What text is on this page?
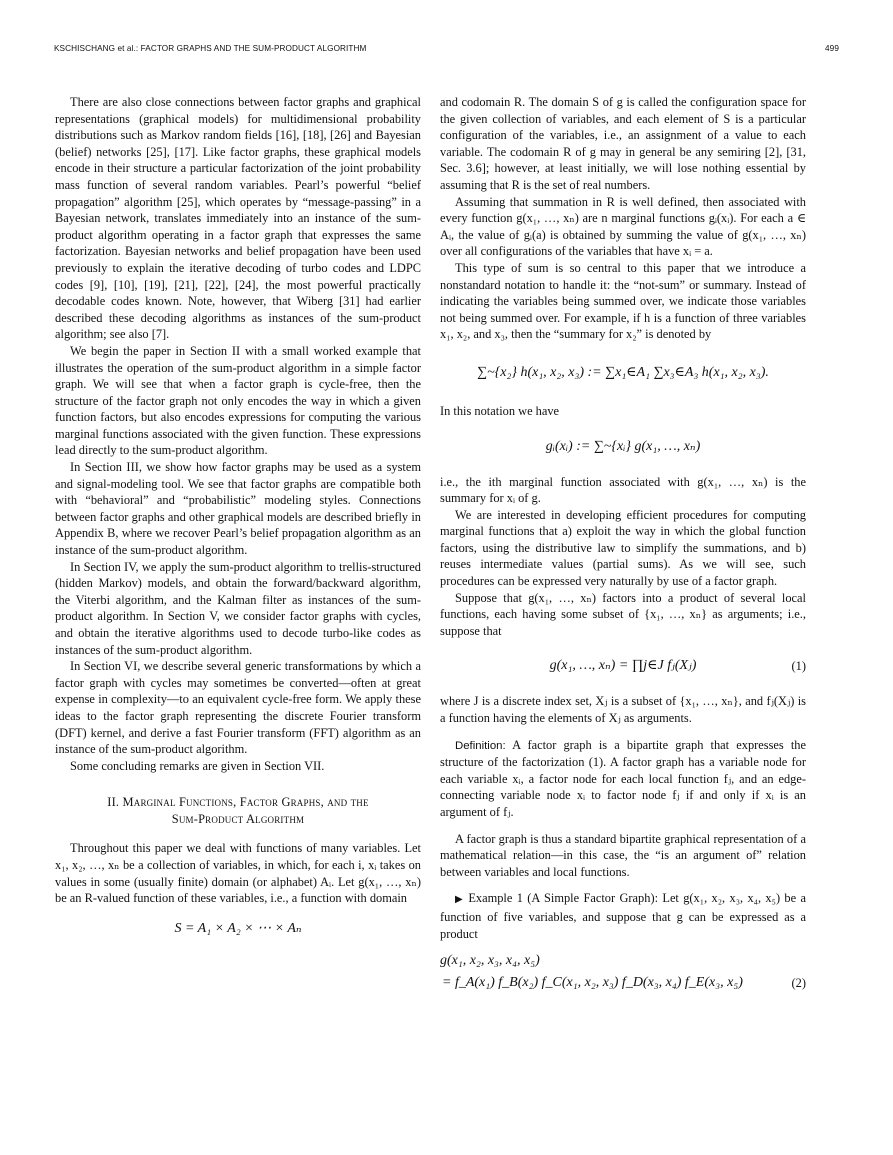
KSCHISCHANG et al.: FACTOR GRAPHS AND THE SUM-PRODUCT ALGORITHM	499

There are also close connections between factor graphs and graphical representations (graphical models) for multidimensional probability distributions such as Markov random fields [16], [18], [26] and Bayesian (belief) networks [25], [17]. Like factor graphs, these graphical models encode in their structure a particular factorization of the joint probability mass function of several random variables. Pearl’s powerful “belief propagation” algorithm [25], which operates by “message-passing” in a Bayesian network, translates immediately into an instance of the sum-product algorithm operating in a factor graph that expresses the same factorization. Bayesian networks and belief propagation have been used previously to explain the iterative decoding of turbo codes and LDPC codes [9], [10], [19], [21], [22], [24], the most powerful practically decodable codes known. Note, however, that Wiberg [31] had earlier described these decoding algorithms as instances of the sum-product algorithm; see also [7].

We begin the paper in Section II with a small worked example that illustrates the operation of the sum-product algorithm in a simple factor graph. We will see that when a factor graph is cycle-free, then the structure of the factor graph not only encodes the way in which a given function factors, but also encodes expressions for computing the various marginal functions associated with the given function. These expressions lead directly to the sum-product algorithm.

In Section III, we show how factor graphs may be used as a system and signal-modeling tool. We see that factor graphs are compatible both with “behavioral” and “probabilistic” modeling styles. Connections between factor graphs and other graphical models are described briefly in Appendix B, where we recover Pearl’s belief propagation algorithm as an instance of the sum-product algorithm.

In Section IV, we apply the sum-product algorithm to trellis-structured (hidden Markov) models, and obtain the forward/backward algorithm, the Viterbi algorithm, and the Kalman filter as instances of the sum-product algorithm. In Section V, we consider factor graphs with cycles, and obtain the iterative algorithms used to decode turbo-like codes as instances of the sum-product algorithm.

In Section VI, we describe several generic transformations by which a factor graph with cycles may sometimes be converted—often at great expense in complexity—to an equivalent cycle-free form. We apply these ideas to the factor graph representing the discrete Fourier transform (DFT) kernel, and derive a fast Fourier transform (FFT) algorithm as an instance of the sum-product algorithm.

Some concluding remarks are given in Section VII.

II. Marginal Functions, Factor Graphs, and the
Sum-Product Algorithm

Throughout this paper we deal with functions of many variables. Let x₁, x₂, …, xₙ be a collection of variables, in which, for each i, xᵢ takes on values in some (usually finite) domain (or alphabet) Aᵢ. Let g(x₁, …, xₙ) be an R-valued function of these variables, i.e., a function with domain

S = A₁ × A₂ × ⋯ × Aₙ

and codomain R. The domain S of g is called the configuration space for the given collection of variables, and each element of S is a particular configuration of the variables, i.e., an assignment of a value to each variable. The codomain R of g may in general be any semiring [2], [31, Sec. 3.6]; however, at least initially, we will lose nothing essential by assuming that R is the set of real numbers.

Assuming that summation in R is well defined, then associated with every function g(x₁, …, xₙ) are n marginal functions gᵢ(xᵢ). For each a ∈ Aᵢ, the value of gᵢ(a) is obtained by summing the value of g(x₁, …, xₙ) over all configurations of the variables that have xᵢ = a.

This type of sum is so central to this paper that we introduce a nonstandard notation to handle it: the “not-sum” or summary. Instead of indicating the variables being summed over, we indicate those variables not being summed over. For example, if h is a function of three variables x₁, x₂, and x₃, then the “summary for x₂” is denoted by

∑~{x₂} h(x₁, x₂, x₃) := ∑x₁∈A₁ ∑x₃∈A₃ h(x₁, x₂, x₃).

In this notation we have

gᵢ(xᵢ) := ∑~{xᵢ} g(x₁, …, xₙ)

i.e., the ith marginal function associated with g(x₁, …, xₙ) is the summary for xᵢ of g.

We are interested in developing efficient procedures for computing marginal functions that a) exploit the way in which the global function factors, using the distributive law to simplify the summations, and b) reuses intermediate values (partial sums). As we will see, such procedures can be expressed very naturally by use of a factor graph.

Suppose that g(x₁, …, xₙ) factors into a product of several local functions, each having some subset of {x₁, …, xₙ} as arguments; i.e., suppose that

g(x₁, …, xₙ) = ∏j∈J fⱼ(Xⱼ)	(1)

where J is a discrete index set, Xⱼ is a subset of {x₁, …, xₙ}, and fⱼ(Xⱼ) is a function having the elements of Xⱼ as arguments.

Definition: A factor graph is a bipartite graph that expresses the structure of the factorization (1). A factor graph has a variable node for each variable xᵢ, a factor node for each local function fⱼ, and an edge-connecting variable node xᵢ to factor node fⱼ if and only if xᵢ is an argument of fⱼ.

A factor graph is thus a standard bipartite graphical representation of a mathematical relation—in this case, the “is an argument of” relation between variables and local functions.

▶ Example 1 (A Simple Factor Graph): Let g(x₁, x₂, x₃, x₄, x₅) be a function of five variables, and suppose that g can be expressed as a product

g(x₁, x₂, x₃, x₄, x₅)
= f_A(x₁) f_B(x₂) f_C(x₁, x₂, x₃) f_D(x₃, x₄) f_E(x₃, x₅)	(2)
